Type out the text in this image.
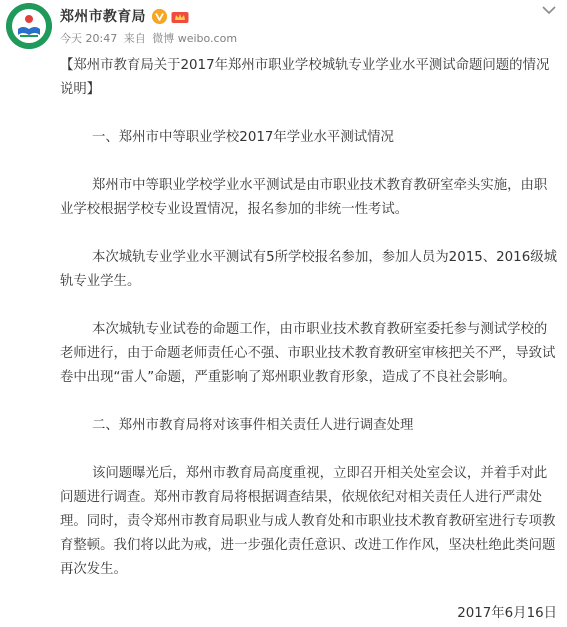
郑州市教育局
今天 20:47 来自 微博 weibo.com

【郑州市教育局关于2017年郑州市职业学校城轨专业学业水平测试命题问题的情况说明】

一、郑州市中等职业学校2017年学业水平测试情况

郑州市中等职业学校学业水平测试是由市职业技术教育教研室牵头实施，由职业学校根据学校专业设置情况，报名参加的非统一性考试。

本次城轨专业学业水平测试有5所学校报名参加，参加人员为2015、2016级城轨专业学生。

本次城轨专业试卷的命题工作，由市职业技术教育教研室委托参与测试学校的老师进行，由于命题老师责任心不强、市职业技术教育教研室审核把关不严，导致试卷中出现“雷人”命题，严重影响了郑州职业教育形象，造成了不良社会影响。

二、郑州市教育局将对该事件相关责任人进行调查处理

该问题曝光后，郑州市教育局高度重视，立即召开相关处室会议，并着手对此问题进行调查。郑州市教育局将根据调查结果，依规依纪对相关责任人进行严肃处理。同时，责令郑州市教育局职业与成人教育处和市职业技术教育教研室进行专项教育整顿。我们将以此为戒，进一步强化责任意识、改进工作作风，坚决杜绝此类问题再次发生。

2017年6月16日
